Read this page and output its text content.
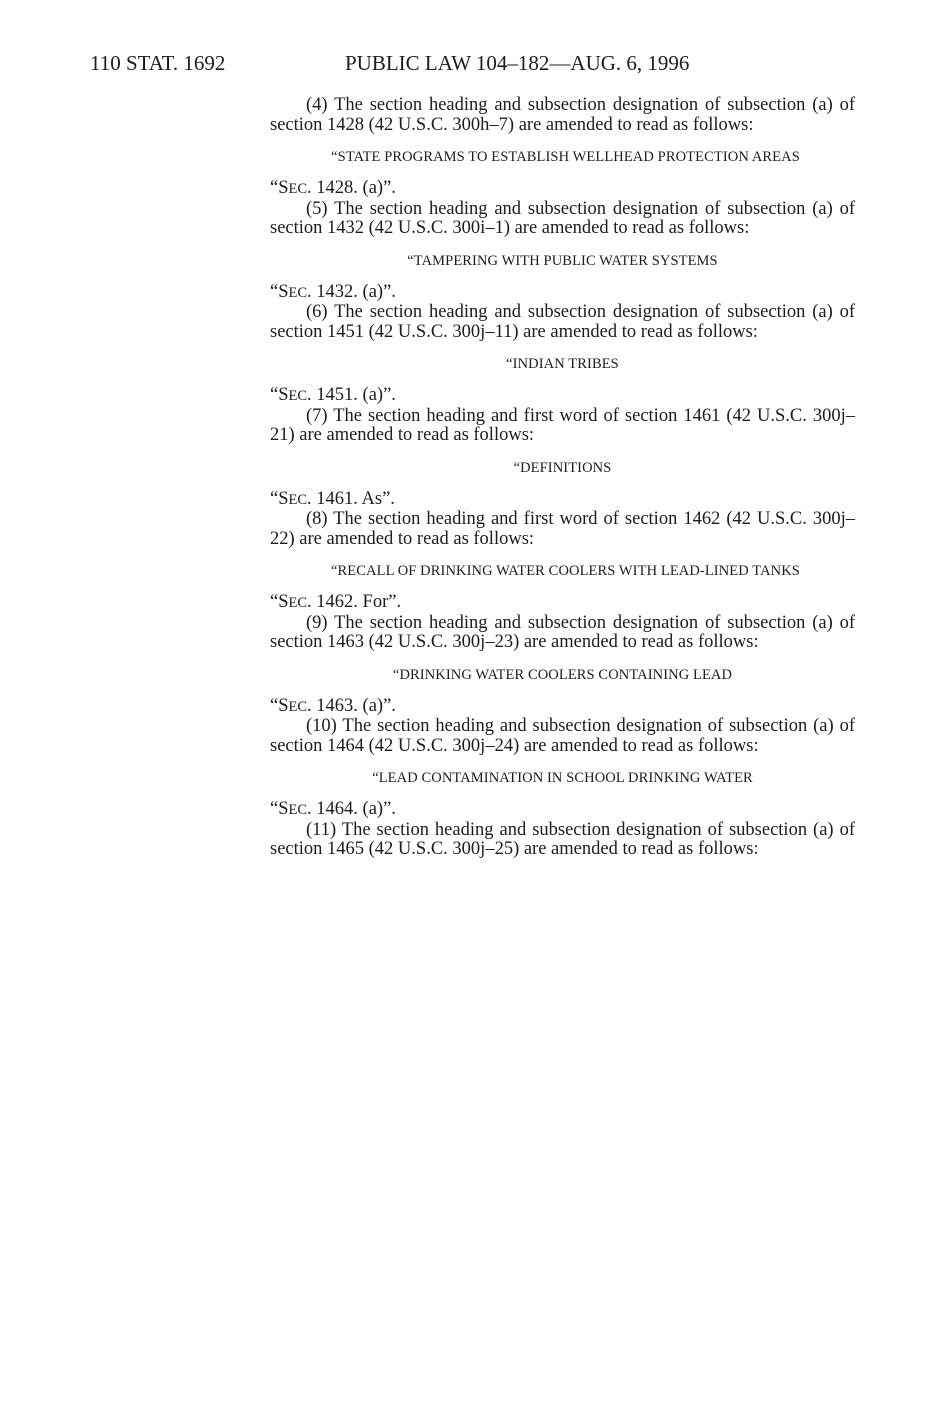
110 STAT. 1692	PUBLIC LAW 104–182—AUG. 6, 1996

(4) The section heading and subsection designation of subsection (a) of section 1428 (42 U.S.C. 300h–7) are amended to read as follows:

“STATE PROGRAMS TO ESTABLISH WELLHEAD PROTECTION AREAS

“SEC. 1428. (a)”.

(5) The section heading and subsection designation of subsection (a) of section 1432 (42 U.S.C. 300i–1) are amended to read as follows:

“TAMPERING WITH PUBLIC WATER SYSTEMS

“SEC. 1432. (a)”.

(6) The section heading and subsection designation of subsection (a) of section 1451 (42 U.S.C. 300j–11) are amended to read as follows:

“INDIAN TRIBES

“SEC. 1451. (a)”.

(7) The section heading and first word of section 1461 (42 U.S.C. 300j–21) are amended to read as follows:

“DEFINITIONS

“SEC. 1461. As”.

(8) The section heading and first word of section 1462 (42 U.S.C. 300j–22) are amended to read as follows:

“RECALL OF DRINKING WATER COOLERS WITH LEAD-LINED TANKS

“SEC. 1462. For”.

(9) The section heading and subsection designation of subsection (a) of section 1463 (42 U.S.C. 300j–23) are amended to read as follows:

“DRINKING WATER COOLERS CONTAINING LEAD

“SEC. 1463. (a)”.

(10) The section heading and subsection designation of subsection (a) of section 1464 (42 U.S.C. 300j–24) are amended to read as follows:

“LEAD CONTAMINATION IN SCHOOL DRINKING WATER

“SEC. 1464. (a)”.

(11) The section heading and subsection designation of subsection (a) of section 1465 (42 U.S.C. 300j–25) are amended to read as follows:
